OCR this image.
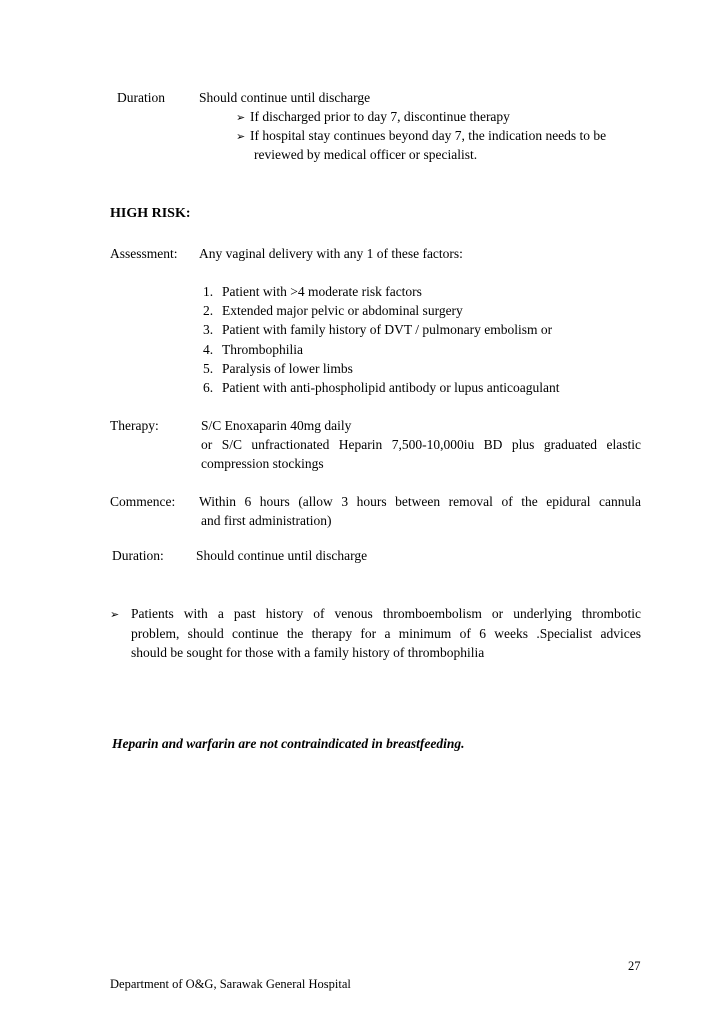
Duration	Should continue until discharge
➢ If discharged prior to day 7, discontinue therapy
➢ If hospital stay continues beyond day 7, the indication needs to be
reviewed by medical officer or specialist.
HIGH RISK:
Assessment: Any vaginal delivery with any 1 of these factors:
1. Patient with >4 moderate risk factors
2. Extended major pelvic or abdominal surgery
3. Patient with family history of DVT / pulmonary embolism or
4. Thrombophilia
5. Paralysis of lower limbs
6. Patient with anti-phospholipid antibody or lupus anticoagulant
Therapy:	S/C Enoxaparin 40mg daily
or S/C unfractionated Heparin 7,500-10,000iu BD plus graduated elastic
compression stockings
Commence: Within 6 hours (allow 3 hours between removal of the epidural cannula
and first administration)
Duration: Should continue until discharge
➢ Patients with a past history of venous thromboembolism or underlying thrombotic
problem, should continue the therapy for a minimum of 6 weeks .Specialist advices
should be sought for those with a family history of thrombophilia
Heparin and warfarin are not contraindicated in breastfeeding.
27
Department of O&G, Sarawak General Hospital
